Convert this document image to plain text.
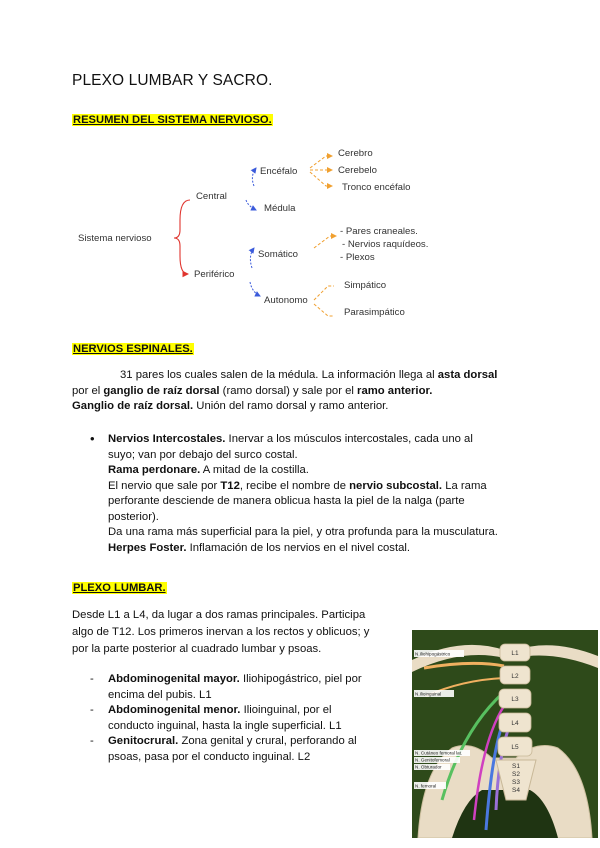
PLEXO LUMBAR Y SACRO.
RESUMEN DEL SISTEMA NERVIOSO.
Sistema nervioso
Central
Encéfalo
Cerebro
Cerebelo
Tronco encéfalo
Médula
Periférico
Somático
- Pares craneales.
- Nervios raquídeos.
- Plexos
Autonomo
Simpático
Parasimpático
NERVIOS ESPINALES.
31 pares los cuales salen de la médula. La información llega al asta dorsal
por el ganglio de raíz dorsal (ramo dorsal) y sale por el ramo anterior.
Ganglio de raíz dorsal. Unión del ramo dorsal y ramo anterior.
• Nervios Intercostales. Inervar a los músculos intercostales, cada uno al
suyo; van por debajo del surco costal.
Rama perdonare. A mitad de la costilla.
El nervio que sale por T12, recibe el nombre de nervio subcostal. La rama
perforante desciende de manera oblicua hasta la piel de la nalga (parte
posterior).
Da una rama más superficial para la piel, y otra profunda para la musculatura.
Herpes Foster. Inflamación de los nervios en el nivel costal.
PLEXO LUMBAR.
Desde L1 a L4, da lugar a dos ramas principales. Participa
algo de T12. Los primeros inervan a los rectos y oblicuos; y
por la parte posterior al cuadrado lumbar y psoas.
-	Abdominogenital mayor. Iliohipogástrico, piel por
encima del pubis. L1
-	Abdominogenital menor. Ilioinguinal, por el
conducto inguinal, hasta la ingle superficial. L1
-	Genitocrural. Zona genital y crural, perforando al
psoas, pasa por el conducto inguinal. L2
L1
L2
L3
L4
L5
S1
S2
S3
S4
N.Iliohipogástrico
N.Ilioinguinal
N. Cutáneo femoral lat.
N. Genitofemoral
N. Obturador
N. femoral
